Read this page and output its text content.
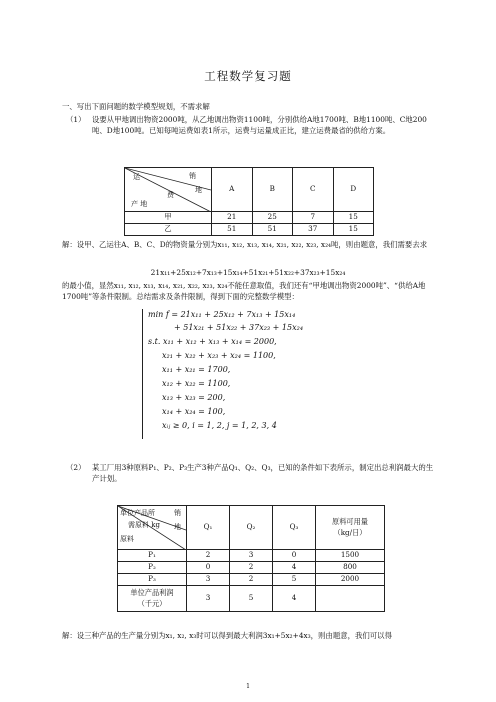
工程数学复习题
一、写出下面问题的数学模型规划，不需求解
（1） 设要从甲地调出物资2000吨，从乙地调出物资1100吨，分别供给A地1700吨、B地1100吨、C地200吨、D地100吨。已知每吨运费如表1所示，运费与运量成正比，建立运费最省的供给方案。
运 销
地
费
产 地	A	B	C	D
甲	21	25	7	15
乙	51	51	37	15
解：设甲、乙运往A、B、C、D的物资量分别为x₁₁, x₁₂, x₁₃, x₁₄, x₂₁, x₂₂, x₂₃, x₂₄吨，则由题意，我们需要去求
21x₁₁+25x₁₂+7x₁₃+15x₁₄+51x₂₁+51x₂₂+37x₂₃+15x₂₄
的最小值，显然x₁₁, x₁₂, x₁₃, x₁₄, x₂₁, x₂₂, x₂₃, x₂₄不能任意取值，我们还有“甲地调出物资2000吨”、“供给A地1700吨”等条件限制。总结需求及条件限制，得到下面的完整数学模型：
min f = 21x₁₁ + 25x₁₂ + 7x₁₃ + 15x₁₄
+ 51x₂₁ + 51x₂₂ + 37x₂₃ + 15x₂₄
s.t. x₁₁ + x₁₂ + x₁₃ + x₁₄ = 2000,
x₂₁ + x₂₂ + x₂₃ + x₂₄ = 1100,
x₁₁ + x₂₁ = 1700,
x₁₂ + x₂₂ = 1100,
x₁₃ + x₂₃ = 200,
x₁₄ + x₂₄ = 100,
xᵢⱼ ≥ 0, i = 1, 2, j = 1, 2, 3, 4
（2） 某工厂用3种原料P₁、P₂、P₃生产3种产品Q₁、Q₂、Q₃，已知的条件如下表所示，制定出总利润最大的生产计划。
单位产品所 销
需原料 kg 地
原料	Q₁	Q₂	Q₃	原料可用量（kg/日）
P₁	2	3	0	1500
P₂	0	2	4	800
P₃	3	2	5	2000
单位产品利润（千元）	3	5	4	
解：设三种产品的生产量分别为x₁, x₂, x₃时可以得到最大利润3x₁+5x₂+4x₃，则由题意，我们可以得
1
